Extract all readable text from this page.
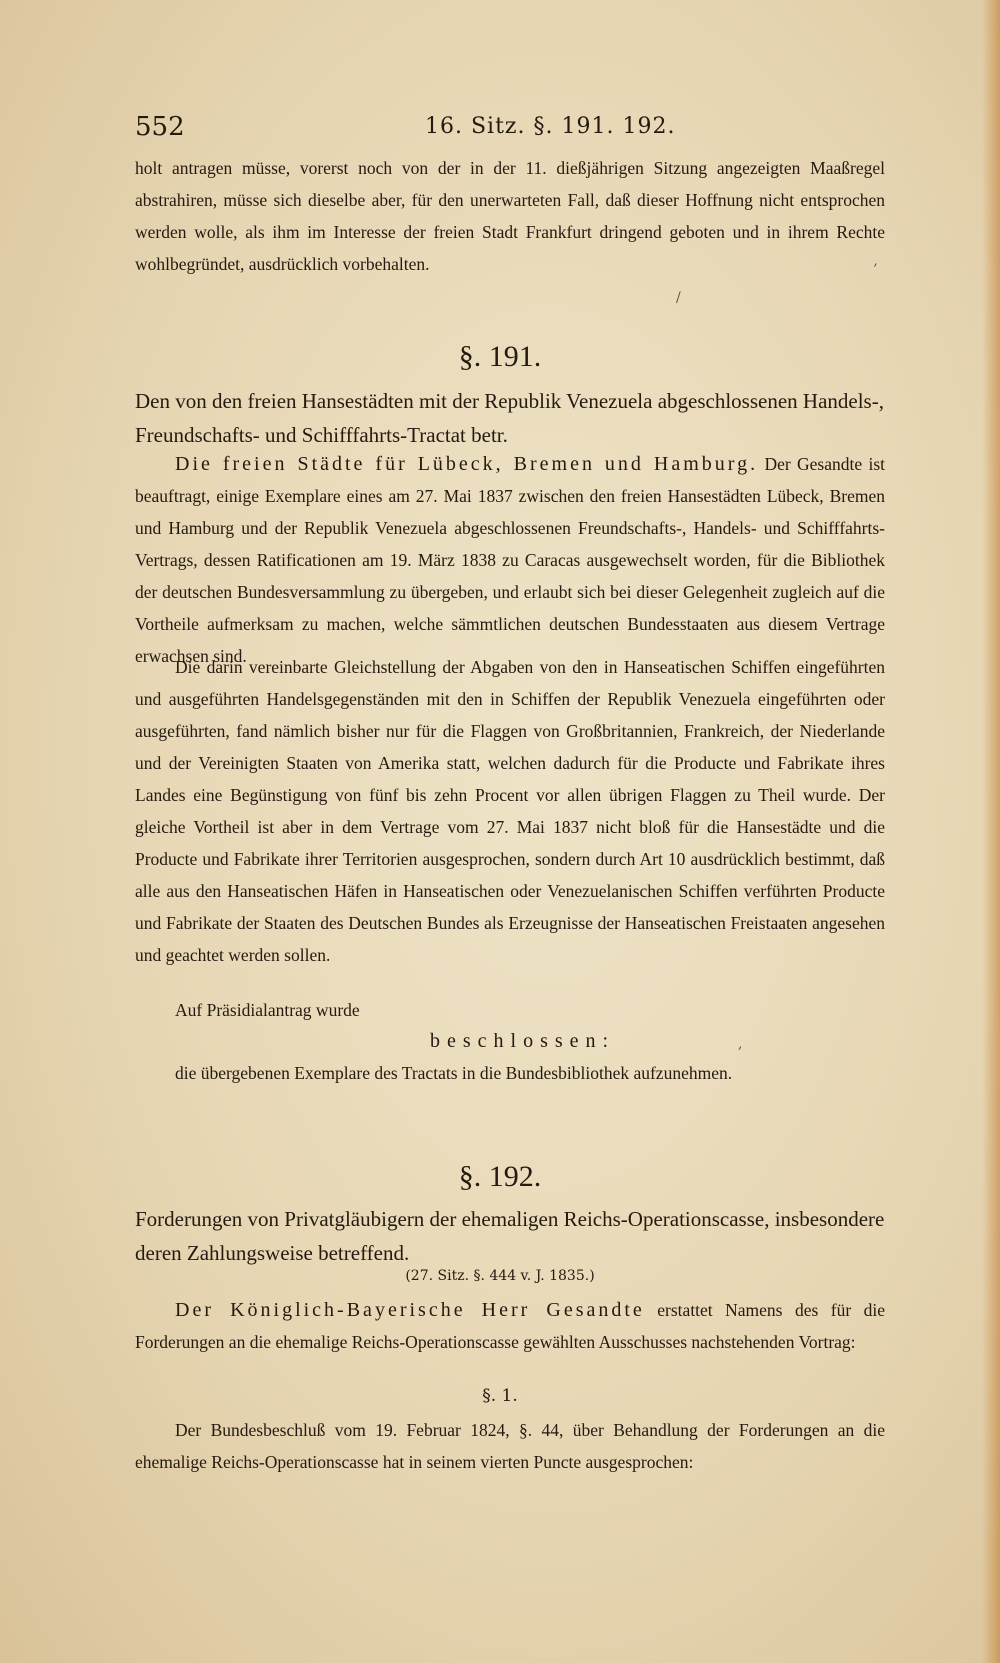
552	16. Sitz. §. 191. 192.
holt antragen müsse, vorerst noch von der in der 11. dießjährigen Sitzung angezeigten Maaßregel abstrahiren, müsse sich dieselbe aber, für den unerwarteten Fall, daß dieser Hoffnung nicht entsprochen werden wolle, als ihm im Interesse der freien Stadt Frankfurt dringend geboten und in ihrem Rechte wohlbegründet, ausdrücklich vorbehalten.	’
/
§. 191.
Den von den freien Hansestädten mit der Republik Venezuela abgeschlossenen Handels-, Freundschafts- und Schifffahrts-Tractat betr.
Die freien Städte für Lübeck, Bremen und Hamburg. Der Gesandte ist beauftragt, einige Exemplare eines am 27. Mai 1837 zwischen den freien Hansestädten Lübeck, Bremen und Hamburg und der Republik Venezuela abgeschlossenen Freundschafts-, Handels- und Schifffahrts-Vertrags, dessen Ratificationen am 19. März 1838 zu Caracas ausgewechselt worden, für die Bibliothek der deutschen Bundesversammlung zu übergeben, und erlaubt sich bei dieser Gelegenheit zugleich auf die Vortheile aufmerksam zu machen, welche sämmtlichen deutschen Bundesstaaten aus diesem Vertrage erwachsen sind.
Die darin vereinbarte Gleichstellung der Abgaben von den in Hanseatischen Schiffen eingeführten und ausgeführten Handelsgegenständen mit den in Schiffen der Republik Venezuela eingeführten oder ausgeführten, fand nämlich bisher nur für die Flaggen von Großbritannien, Frankreich, der Niederlande und der Vereinigten Staaten von Amerika statt, welchen dadurch für die Producte und Fabrikate ihres Landes eine Begünstigung von fünf bis zehn Procent vor allen übrigen Flaggen zu Theil wurde. Der gleiche Vortheil ist aber in dem Vertrage vom 27. Mai 1837 nicht bloß für die Hansestädte und die Producte und Fabrikate ihrer Territorien ausgesprochen, sondern durch Art 10 ausdrücklich bestimmt, daß alle aus den Hanseatischen Häfen in Hanseatischen oder Venezuelanischen Schiffen verführten Producte und Fabrikate der Staaten des Deutschen Bundes als Erzeugnisse der Hanseatischen Freistaaten angesehen und geachtet werden sollen.
Auf Präsidialantrag wurde
beschlossen:	,
die übergebenen Exemplare des Tractats in die Bundesbibliothek aufzunehmen.
§. 192.
Forderungen von Privatgläubigern der ehemaligen Reichs-Operationscasse, insbesondere deren Zahlungsweise betreffend.
(27. Sitz. §. 444 v. J. 1835.)
Der Königlich-Bayerische Herr Gesandte erstattet Namens des für die Forderungen an die ehemalige Reichs-Operationscasse gewählten Ausschusses nachstehenden Vortrag:
§. 1.
Der Bundesbeschluß vom 19. Februar 1824, §. 44, über Behandlung der Forderungen an die ehemalige Reichs-Operationscasse hat in seinem vierten Puncte ausgesprochen:
